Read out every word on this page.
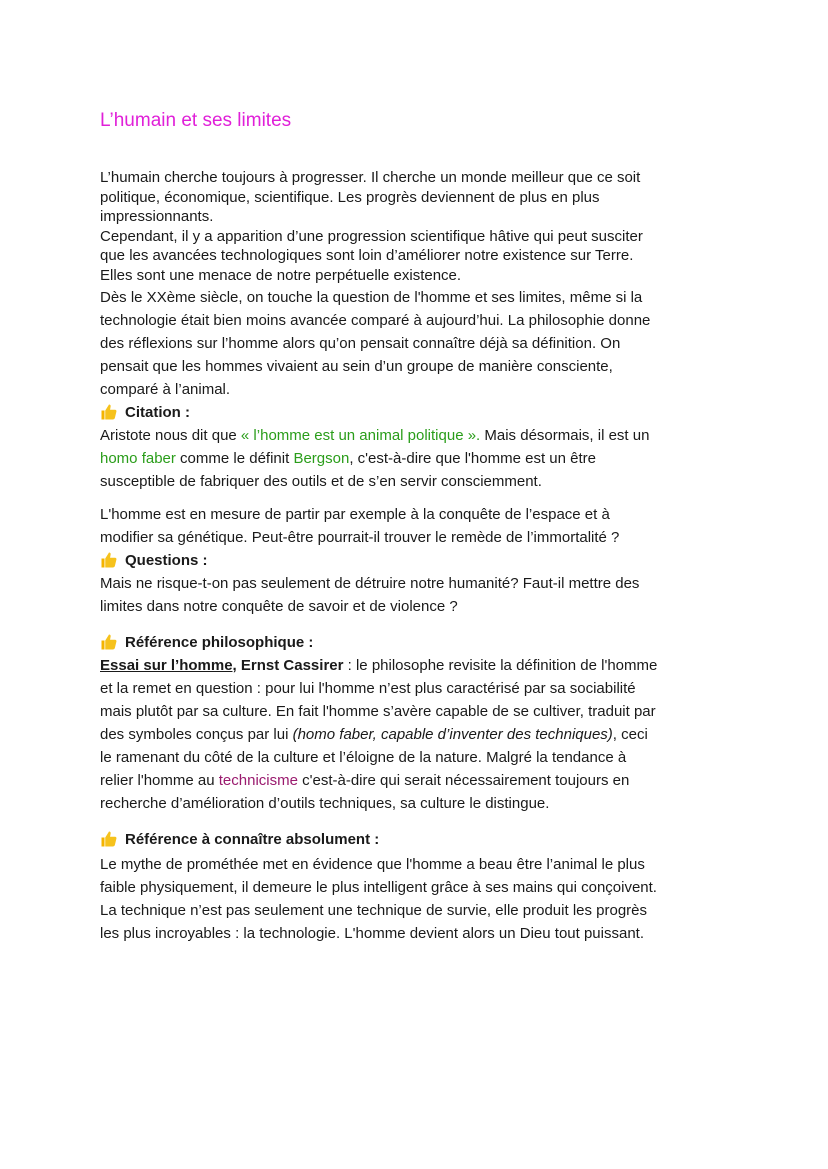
L’humain et ses limites

L’humain cherche toujours à progresser. Il cherche un monde meilleur que ce soit

politique, économique, scientifique. Les progrès deviennent de plus en plus

impressionnants.

Cependant, il y a apparition d’une progression scientifique hâtive qui peut susciter

que les avancées technologiques sont loin d’améliorer notre existence sur Terre.

Elles sont une menace de notre perpétuelle existence.

Dès le XXème siècle, on touche la question de l'homme et ses limites, même si la

technologie était bien moins avancée comparé à aujourd’hui. La philosophie donne

des réflexions sur l’homme alors qu’on pensait connaître déjà sa définition. On

pensait que les hommes vivaient au sein d’un groupe de manière consciente,

comparé à l’animal.

Citation :

Aristote nous dit que « l’homme est un animal politique ». Mais désormais, il est un

homo faber comme le définit Bergson, c'est-à-dire que l'homme est un être

susceptible de fabriquer des outils et de s’en servir consciemment.

L'homme est en mesure de partir par exemple à la conquête de l’espace et à

modifier sa génétique. Peut-être pourrait-il trouver le remède de l’immortalité ?

Questions :

Mais ne risque-t-on pas seulement de détruire notre humanité? Faut-il mettre des

limites dans notre conquête de savoir et de violence ?

Référence philosophique :

Essai sur l’homme, Ernst Cassirer : le philosophe revisite la définition de l'homme

et la remet en question : pour lui l'homme n’est plus caractérisé par sa sociabilité

mais plutôt par sa culture. En fait l'homme s’avère capable de se cultiver, traduit par

des symboles conçus par lui (homo faber, capable d’inventer des techniques), ceci

le ramenant du côté de la culture et l’éloigne de la nature. Malgré la tendance à

relier l'homme au technicisme c'est-à-dire qui serait nécessairement toujours en

recherche d’amélioration d’outils techniques, sa culture le distingue.

Référence à connaître absolument :

Le mythe de prométhée met en évidence que l'homme a beau être l’animal le plus

faible physiquement, il demeure le plus intelligent grâce à ses mains qui conçoivent.

La technique n’est pas seulement une technique de survie, elle produit les progrès

les plus incroyables : la technologie. L'homme devient alors un Dieu tout puissant.
